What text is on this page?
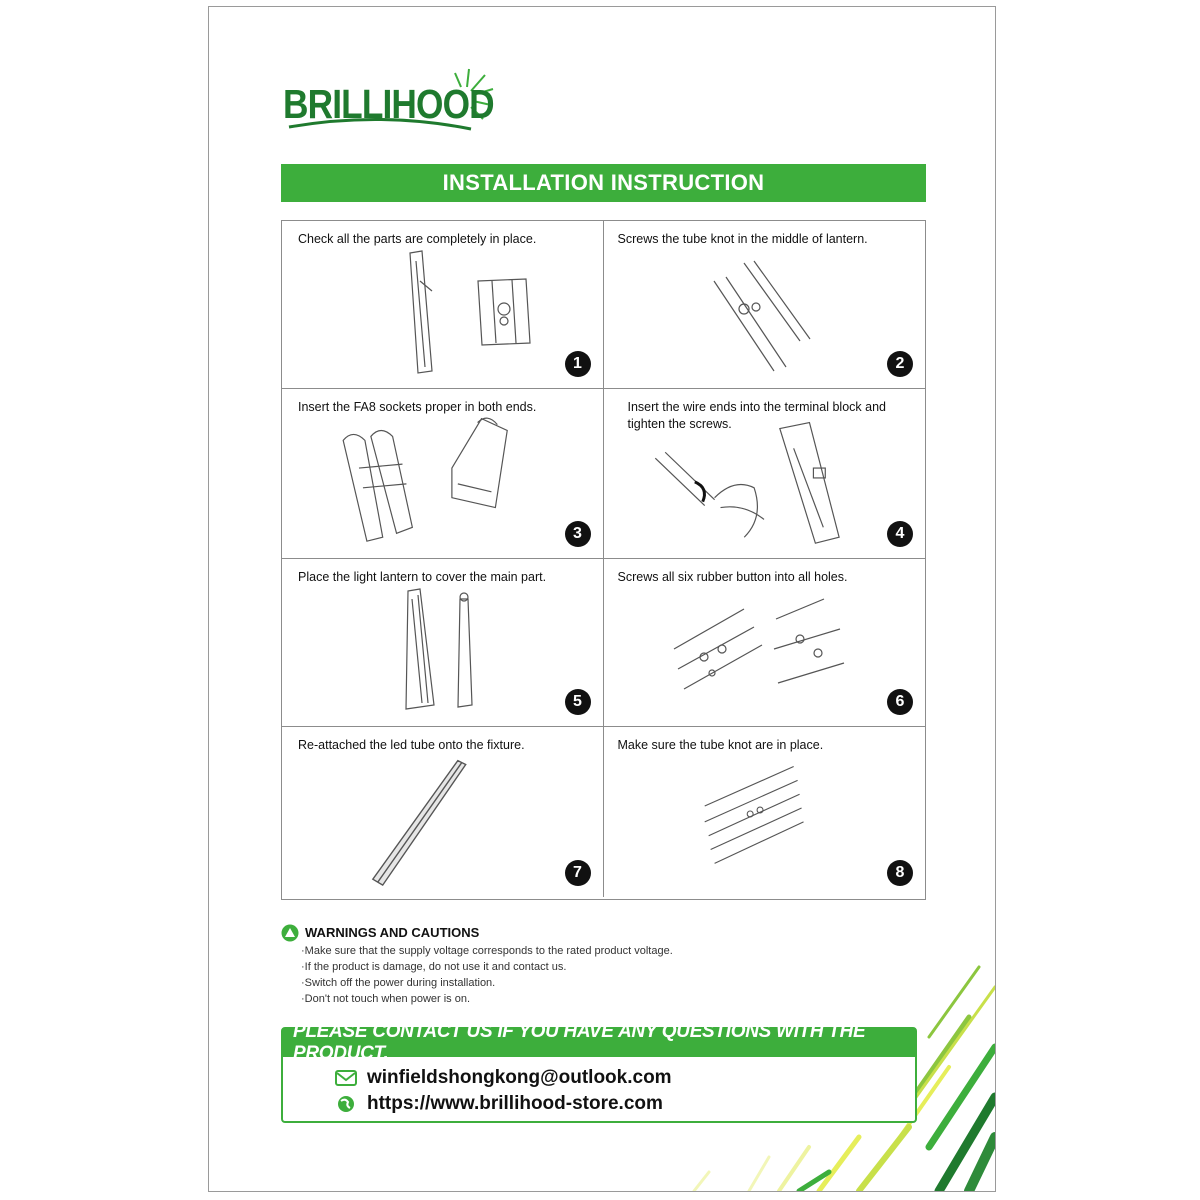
BRILLIHOOD
INSTALLATION INSTRUCTION
Check all the parts are completely in place.
1
Screws the tube knot in the middle of lantern.
2
Insert the FA8 sockets proper in both ends.
3
Insert the wire ends into the terminal block and tighten the screws.
4
Place the light lantern to cover the main part.
5
Screws all six rubber button into all holes.
6
Re-attached the led tube onto the fixture.
7
Make sure the tube knot are in place.
8
WARNINGS AND CAUTIONS
·Make sure that the supply voltage corresponds to the rated product voltage.
·If the product is damage, do not use it and contact us.
·Switch off the power during installation.
·Don't not touch when power is on.
PLEASE CONTACT US IF YOU HAVE ANY QUESTIONS WITH THE PRODUCT.
winfieldshongkong@outlook.com
https://www.brillihood-store.com
